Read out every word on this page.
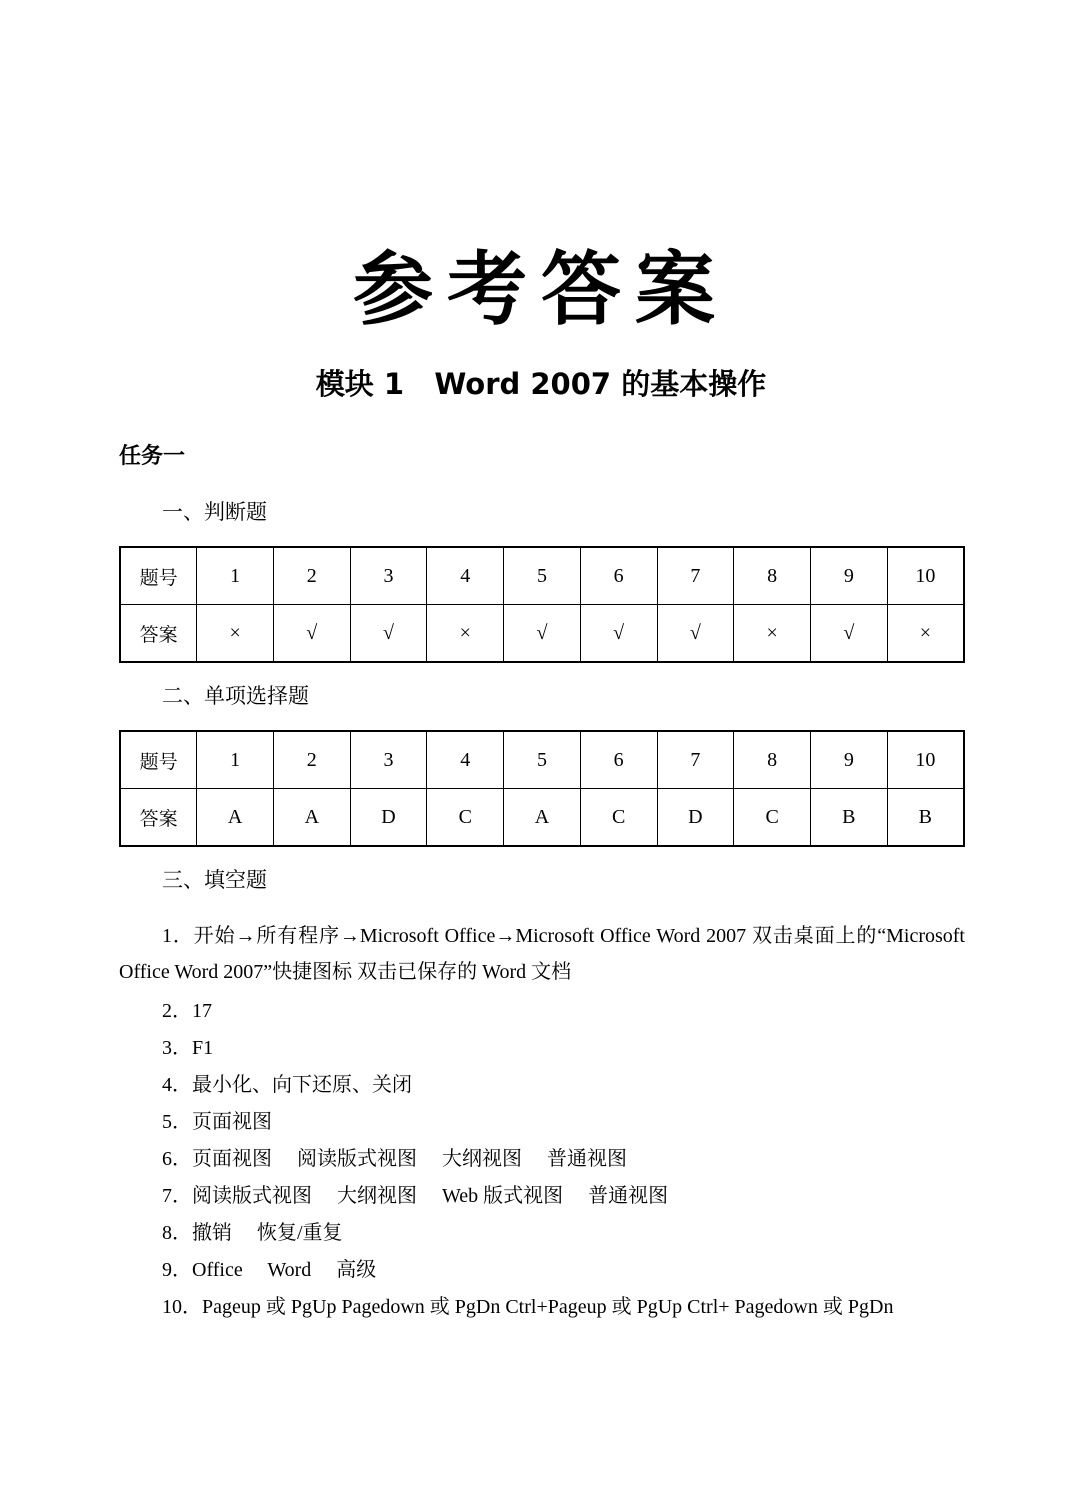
参考答案
模块 1   Word 2007 的基本操作
任务一
一、判断题
题号	1	2	3	4	5	6	7	8	9	10
答案	×	√	√	×	√	√	√	×	√	×
二、单项选择题
题号	1	2	3	4	5	6	7	8	9	10
答案	A	A	D	C	A	C	D	C	B	B
三、填空题

1．开始→所有程序→Microsoft Office→Microsoft Office Word 2007 双击桌面上的“Microsoft Office Word 2007”快捷图标 双击已保存的 Word 文档

2．17

3．F1

4．最小化、向下还原、关闭

5．页面视图

6．页面视图     阅读版式视图     大纲视图     普通视图

7．阅读版式视图     大纲视图     Web 版式视图     普通视图

8．撤销     恢复/重复

9．Office     Word     高级

10．Pageup 或 PgUp Pagedown 或 PgDn Ctrl+Pageup 或 PgUp Ctrl+ Pagedown 或 PgDn
